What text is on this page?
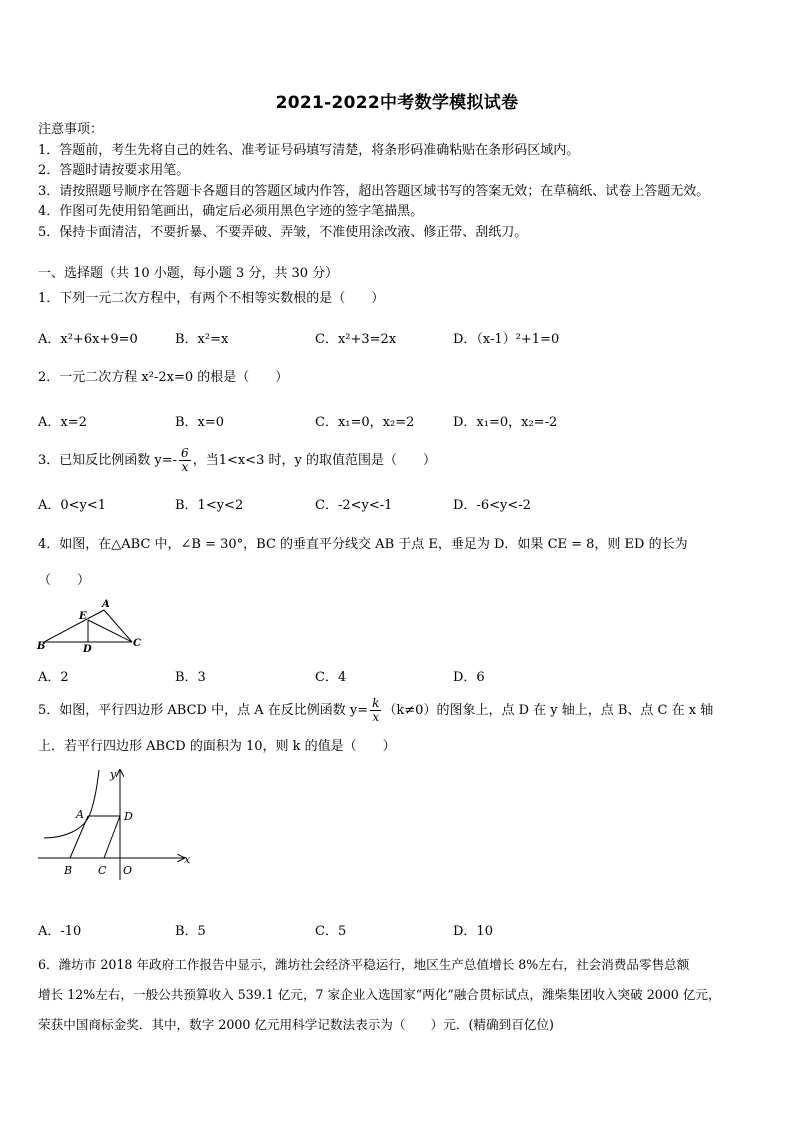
2021-2022中考数学模拟试卷
注意事项：
1．答题前，考生先将自己的姓名、准考证号码填写清楚，将条形码准确粘贴在条形码区域内。
2．答题时请按要求用笔。
3．请按照题号顺序在答题卡各题目的答题区域内作答，超出答题区域书写的答案无效；在草稿纸、试卷上答题无效。
4．作图可先使用铅笔画出，确定后必须用黑色字迹的签字笔描黑。
5．保持卡面清洁，不要折暴、不要弄破、弄皱，不准使用涂改液、修正带、刮纸刀。
一、选择题（共 10 小题，每小题 3 分，共 30 分）
1．下列一元二次方程中，有两个不相等实数根的是（　　）
A．x²+6x+9=0	B．x²=x	C．x²+3=2x	D．（x-1）²+1=0
2．一元二次方程 x²-2x=0 的根是（　　）
A．x=2	B．x=0	C．x₁=0，x₂=2	D．x₁=0，x₂=-2
3．已知反比例函数 $y=- \frac{6}{x}$ ，当1<x<3 时，y 的取值范围是（　　）
A．0<y<1	B．1<y<2	C．-2<y<-1	D．-6<y<-2
4．如图，在△ABC 中，∠B = 30°，BC 的垂直平分线交 AB 于点 E，垂足为 D．如果 CE = 8，则 ED 的长为
（　　）
E
A
B	D
C
A．2	B．3	C．4	D．6
5．如图，平行四边形 ABCD 中，点 A 在反比例函数 $y= \frac{k}{x} (k\ne 0)$的图象上，点 D 在 y 轴上，点 B、点 C 在 x 轴
上．若平行四边形 ABCD 的面积为 10，则 k 的值是（　　）
y
A	D
x
B C O
A．-10	B．5	C．5	D．10
6．潍坊市 2018 年政府工作报告中显示，潍坊社会经济平稳运行，地区生产总值增长 8%左右，社会消费品零售总额
增长 12%左右，一般公共预算收入 539.1 亿元，7 家企业入选国家“两化”融合贯标试点，潍柴集团收入突破 2000 亿元，
荣获中国商标金奖．其中，数字 2000 亿元用科学记数法表示为（　　）元．(精确到百亿位)
